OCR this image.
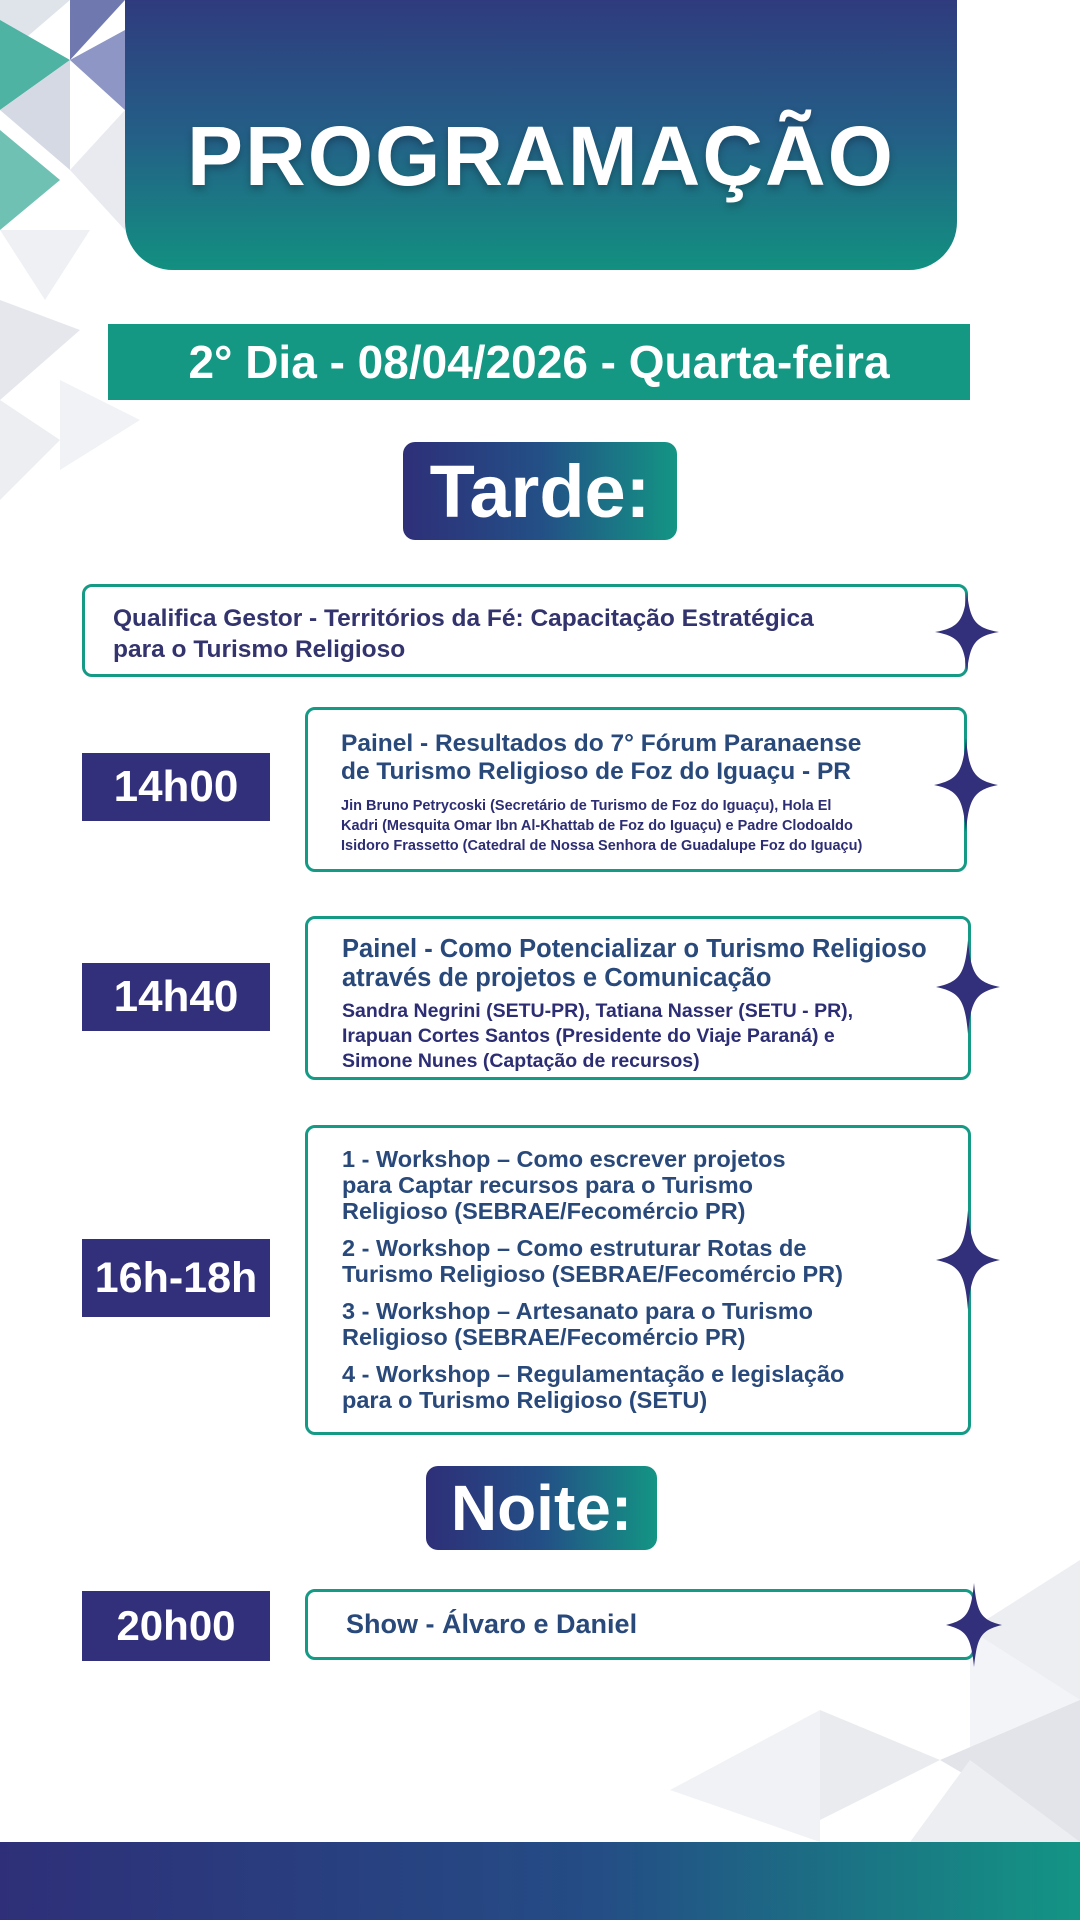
PROGRAMAÇÃO
2° Dia - 08/04/2026 - Quarta-feira
Tarde:
Qualifica Gestor - Territórios da Fé: Capacitação Estratégica
para o Turismo Religioso
14h00
Painel - Resultados do 7° Fórum Paranaense
de Turismo Religioso de Foz do Iguaçu - PR
Jin Bruno Petrycoski (Secretário de Turismo de Foz do Iguaçu), Hola El
Kadri (Mesquita Omar Ibn Al-Khattab de Foz do Iguaçu) e Padre Clodoaldo
Isidoro Frassetto (Catedral de Nossa Senhora de Guadalupe Foz do Iguaçu)
14h40
Painel - Como Potencializar o Turismo Religioso
através de projetos e Comunicação
Sandra Negrini (SETU-PR), Tatiana Nasser (SETU - PR),
Irapuan Cortes Santos (Presidente do Viaje Paraná) e
Simone Nunes (Captação de recursos)
16h-18h
1 - Workshop – Como escrever projetos
para Captar recursos para o Turismo
Religioso (SEBRAE/Fecomércio PR)
2 - Workshop – Como estruturar Rotas de
Turismo Religioso (SEBRAE/Fecomércio PR)
3 - Workshop – Artesanato para o Turismo
Religioso (SEBRAE/Fecomércio PR)
4 - Workshop – Regulamentação e legislação
para o Turismo Religioso (SETU)
Noite:
20h00	Show - Álvaro e Daniel
